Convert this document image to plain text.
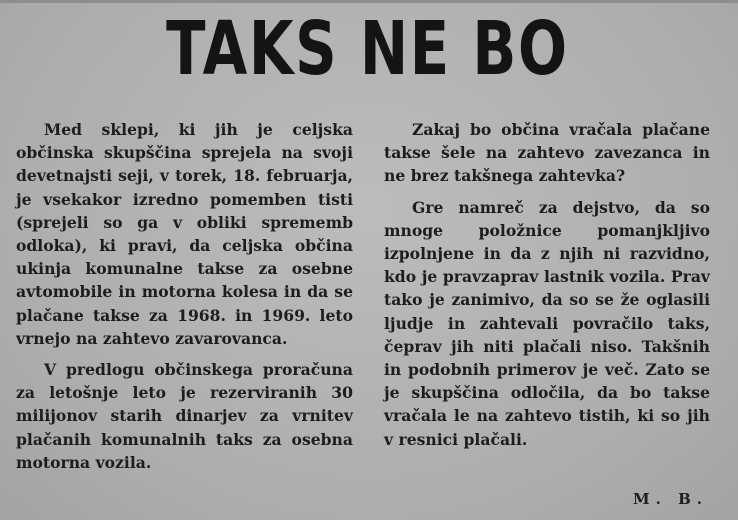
TAKS NE BO

Med sklepi, ki jih je celjska občinska skupščina sprejela na svoji devetnajsti seji, v torek, 18. februarja, je vsekakor izredno pomemben tisti (sprejeli so ga v obliki sprememb odloka), ki pravi, da celjska občina ukinja komunalne takse za osebne avtomobile in motorna kolesa in da se plačane takse za 1968. in 1969. leto vrnejo na zahtevo zavarovanca.

V predlogu občinskega proračuna za letošnje leto je rezerviranih 30 milijonov starih dinarjev za vrnitev plačanih komunalnih taks za osebna motorna vozila.

Zakaj bo občina vračala plačane takse šele na zahtevo zavezanca in ne brez takšnega zahtevka?

Gre namreč za dejstvo, da so mnoge položnice pomanjkljivo izpolnjene in da z njih ni razvidno, kdo je pravzaprav lastnik vozila. Prav tako je zanimivo, da so se že oglasili ljudje in zahtevali povračilo taks, čeprav jih niti plačali niso. Takšnih in podobnih primerov je več. Zato se je skupščina odločila, da bo takse vračala le na zahtevo tistih, ki so jih v resnici plačali.

M. B.
